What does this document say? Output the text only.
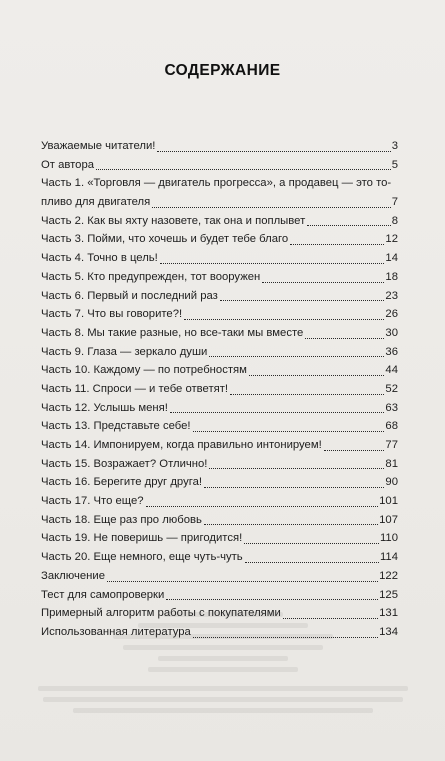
СОДЕРЖАНИЕ
Уважаемые читатели!	3
От автора	5
Часть 1. «Торговля — двигатель прогресса», а продавец — это то-
пливо для двигателя	7
Часть 2. Как вы яхту назовете, так она и поплывет	8
Часть 3. Пойми, что хочешь и будет тебе благо	12
Часть 4. Точно в цель!	14
Часть 5. Кто предупрежден, тот вооружен	18
Часть 6. Первый и последний раз	23
Часть 7. Что вы говорите?!	26
Часть 8. Мы такие разные, но все-таки мы вместе	30
Часть 9. Глаза — зеркало души	36
Часть 10. Каждому — по потребностям	44
Часть 11. Спроси — и тебе ответят!	52
Часть 12. Услышь меня!	63
Часть 13. Представьте себе!	68
Часть 14. Импонируем, когда правильно интонируем!	77
Часть 15. Возражает? Отлично!	81
Часть 16. Берегите друг друга!	90
Часть 17. Что еще?	101
Часть 18. Еще раз про любовь	107
Часть 19. Не поверишь — пригодится!	110
Часть 20. Еще немного, еще чуть-чуть	114
Заключение	122
Тест для самопроверки	125
Примерный алгоритм работы с покупателями	131
Использованная литература	134
